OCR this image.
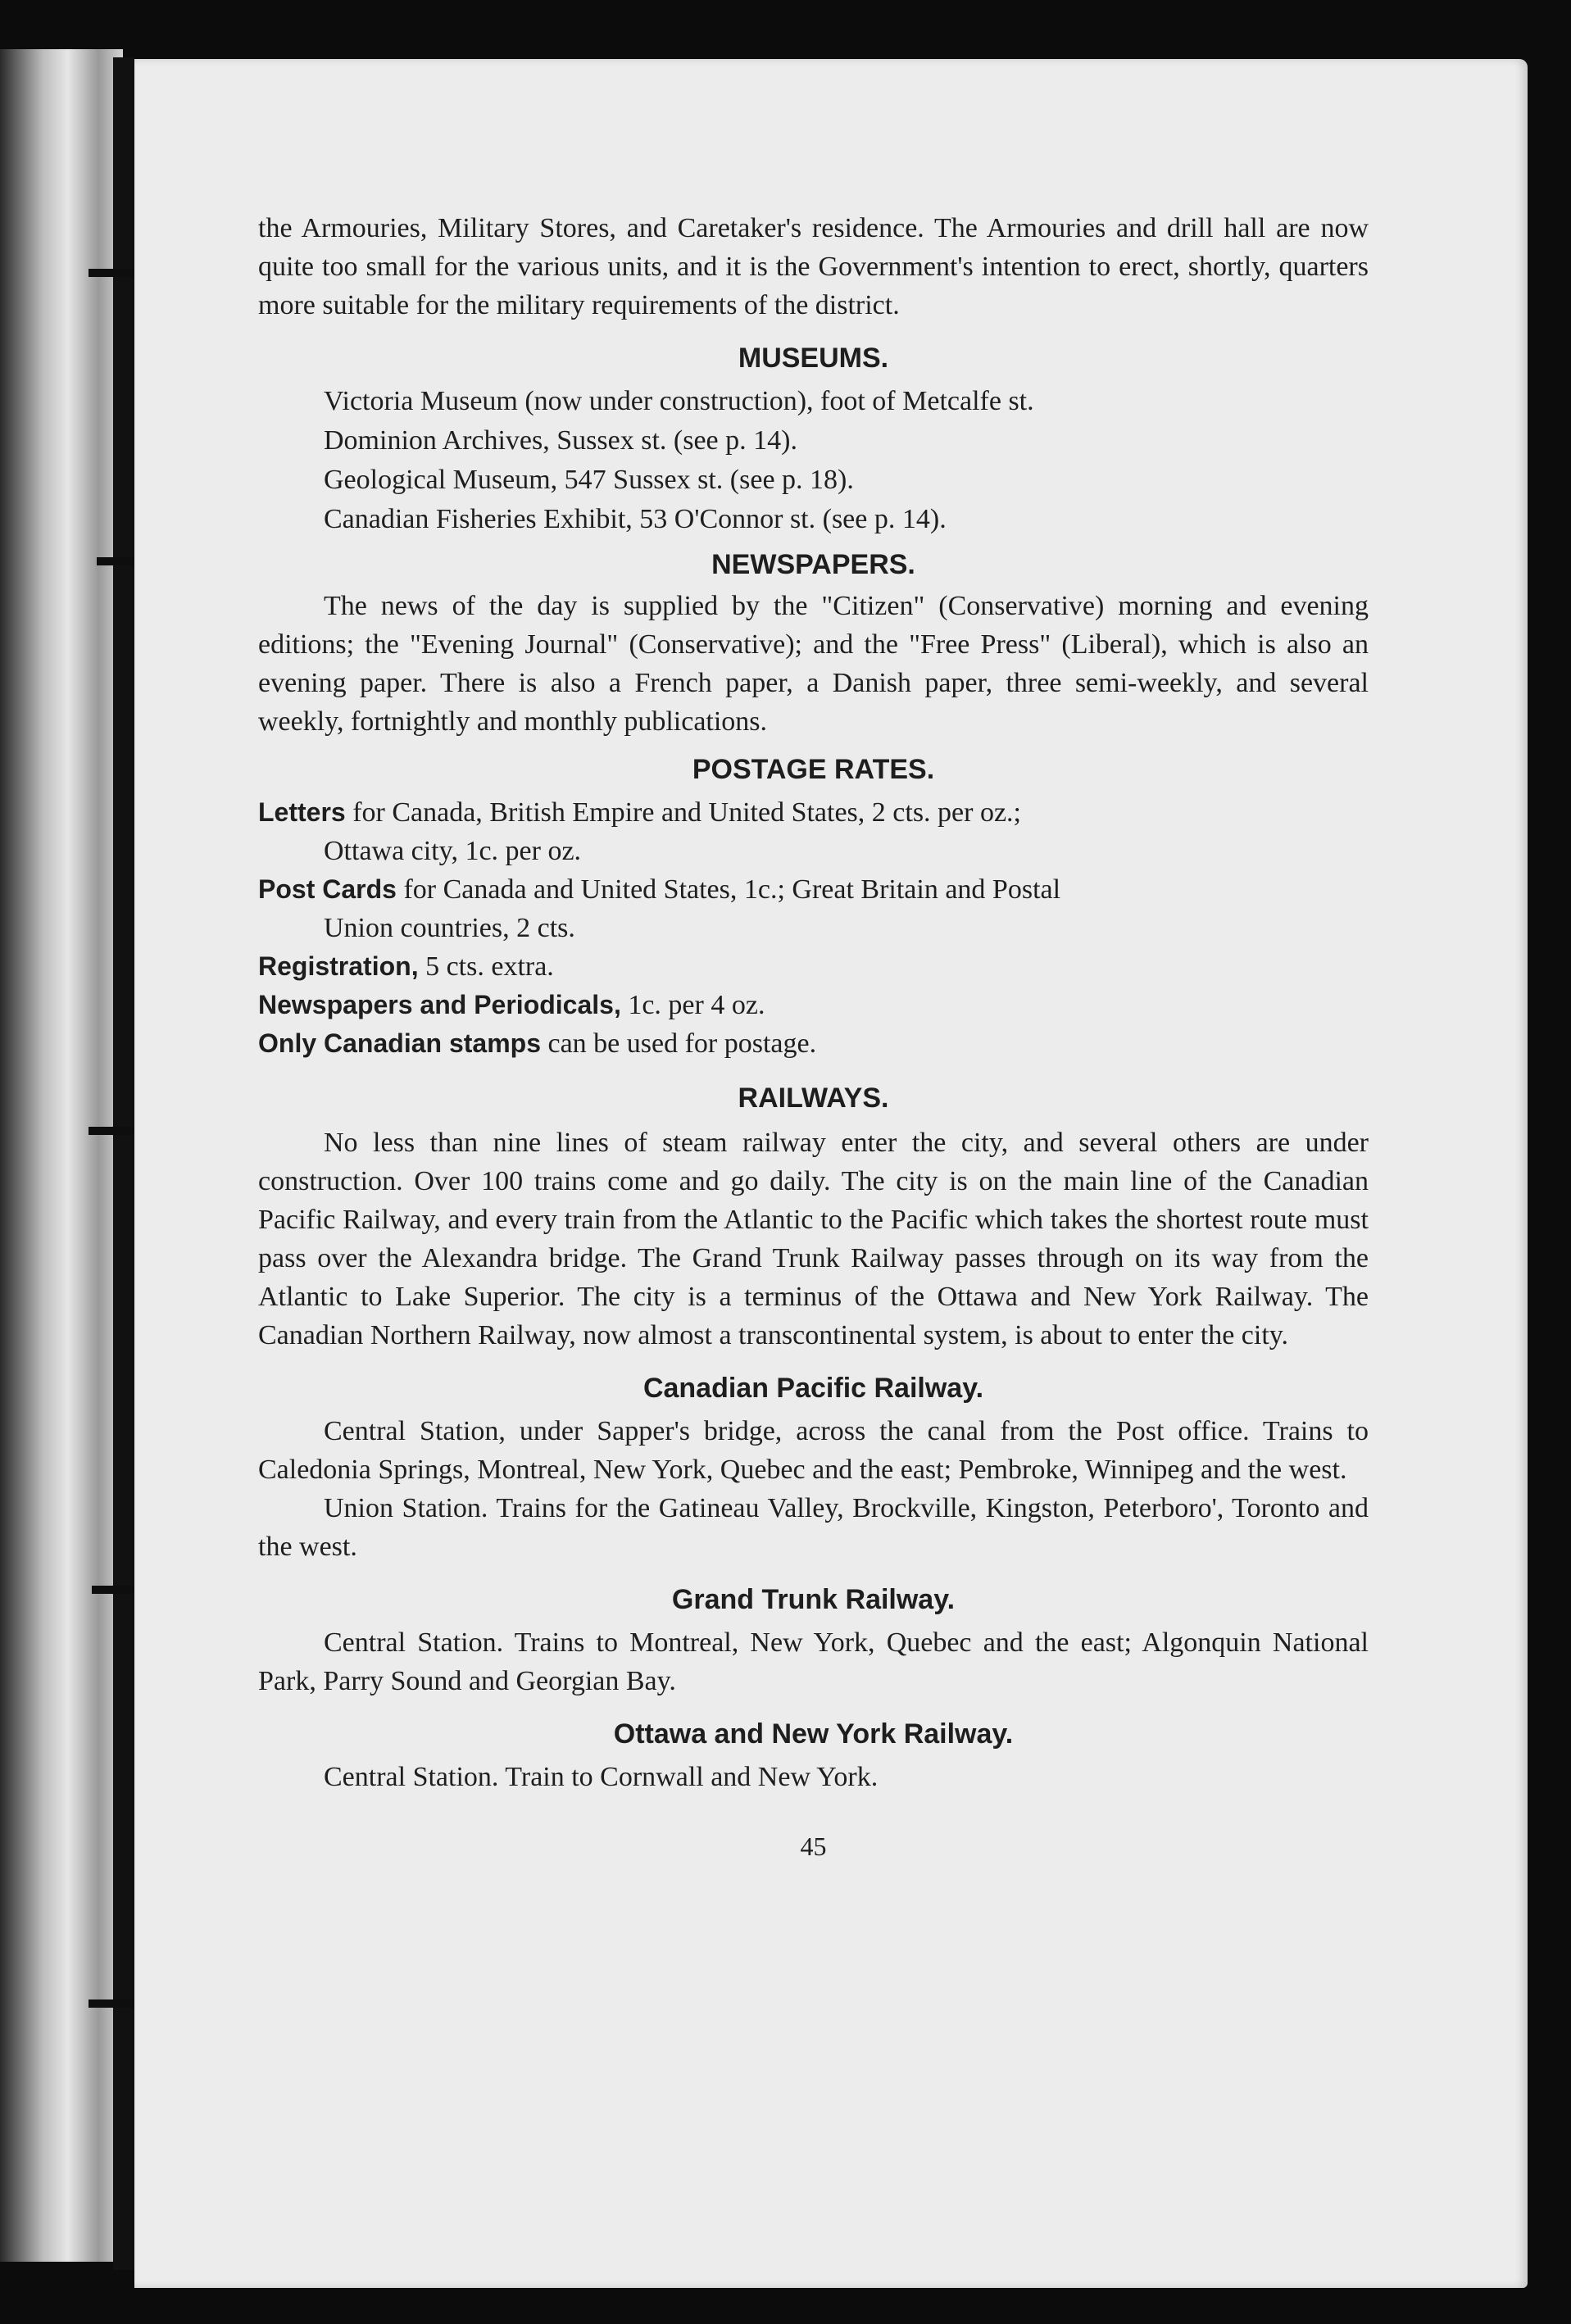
the Armouries, Military Stores, and Caretaker's residence. The Armouries and drill hall are now quite too small for the various units, and it is the Government's intention to erect, shortly, quarters more suitable for the military requirements of the district.

MUSEUMS.

Victoria Museum (now under construction), foot of Metcalfe st.

Dominion Archives, Sussex st. (see p. 14).

Geological Museum, 547 Sussex st. (see p. 18).

Canadian Fisheries Exhibit, 53 O'Connor st. (see p. 14).

NEWSPAPERS.

The news of the day is supplied by the "Citizen" (Conservative) morning and evening editions; the "Evening Journal" (Conservative); and the "Free Press" (Liberal), which is also an evening paper. There is also a French paper, a Danish paper, three semi-weekly, and several weekly, fortnightly and monthly publications.

POSTAGE RATES.

Letters for Canada, British Empire and United States, 2 cts. per oz.;

Ottawa city, 1c. per oz.

Post Cards for Canada and United States, 1c.; Great Britain and Postal

Union countries, 2 cts.

Registration, 5 cts. extra.

Newspapers and Periodicals, 1c. per 4 oz.

Only Canadian stamps can be used for postage.

RAILWAYS.

No less than nine lines of steam railway enter the city, and several others are under construction. Over 100 trains come and go daily. The city is on the main line of the Canadian Pacific Railway, and every train from the Atlantic to the Pacific which takes the shortest route must pass over the Alexandra bridge. The Grand Trunk Railway passes through on its way from the Atlantic to Lake Superior. The city is a terminus of the Ottawa and New York Railway. The Canadian Northern Railway, now almost a transcontinental system, is about to enter the city.

Canadian Pacific Railway.

Central Station, under Sapper's bridge, across the canal from the Post office. Trains to Caledonia Springs, Montreal, New York, Quebec and the east; Pembroke, Winnipeg and the west.

Union Station. Trains for the Gatineau Valley, Brockville, Kingston, Peterboro', Toronto and the west.

Grand Trunk Railway.

Central Station. Trains to Montreal, New York, Quebec and the east; Algonquin National Park, Parry Sound and Georgian Bay.

Ottawa and New York Railway.

Central Station. Train to Cornwall and New York.

45
